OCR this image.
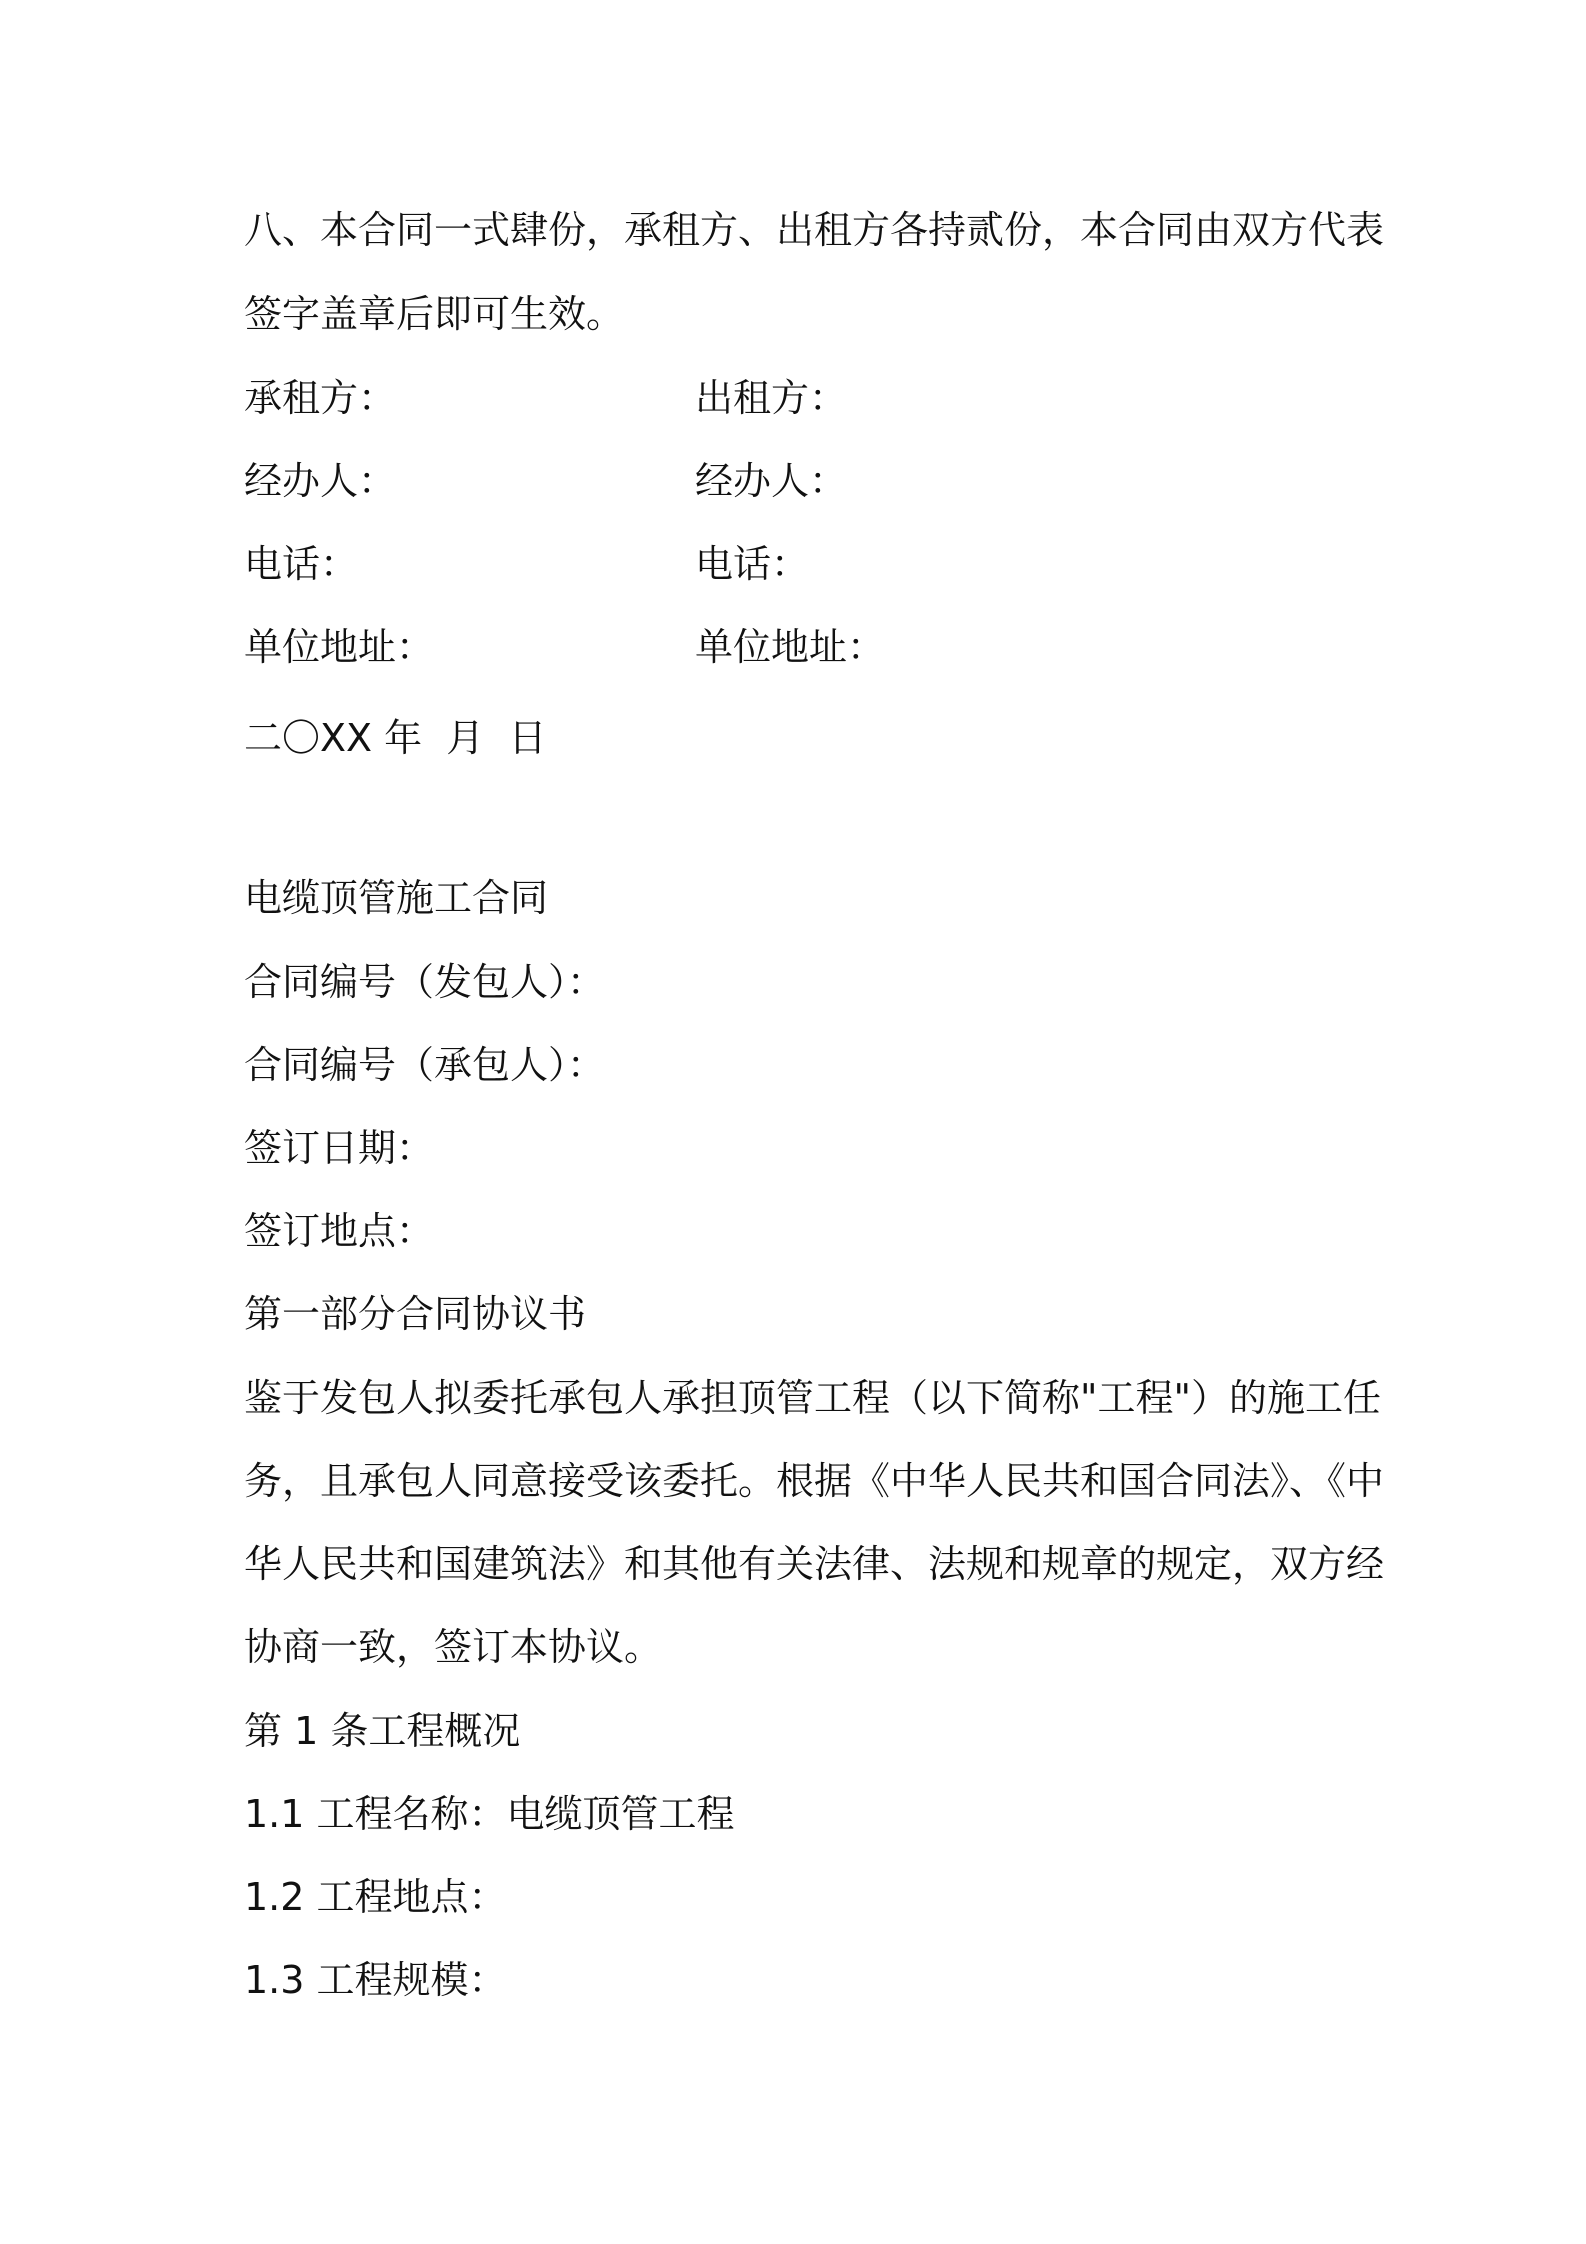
八、本合同一式肆份，承租方、出租方各持贰份，本合同由双方代表
签字盖章后即可生效。
承租方：	出租方：
经办人：	经办人：
电话：	电话：
单位地址：	单位地址：
二〇XX 年  月  日
电缆顶管施工合同
合同编号（发包人）：
合同编号（承包人）：
签订日期：
签订地点：
第一部分合同协议书
鉴于发包人拟委托承包人承担顶管工程（以下简称"工程"）的施工任
务，且承包人同意接受该委托。根据《中华人民共和国合同法》、《中
华人民共和国建筑法》和其他有关法律、法规和规章的规定，双方经
协商一致，签订本协议。
第 1 条工程概况
1.1 工程名称：电缆顶管工程
1.2 工程地点：
1.3 工程规模：
